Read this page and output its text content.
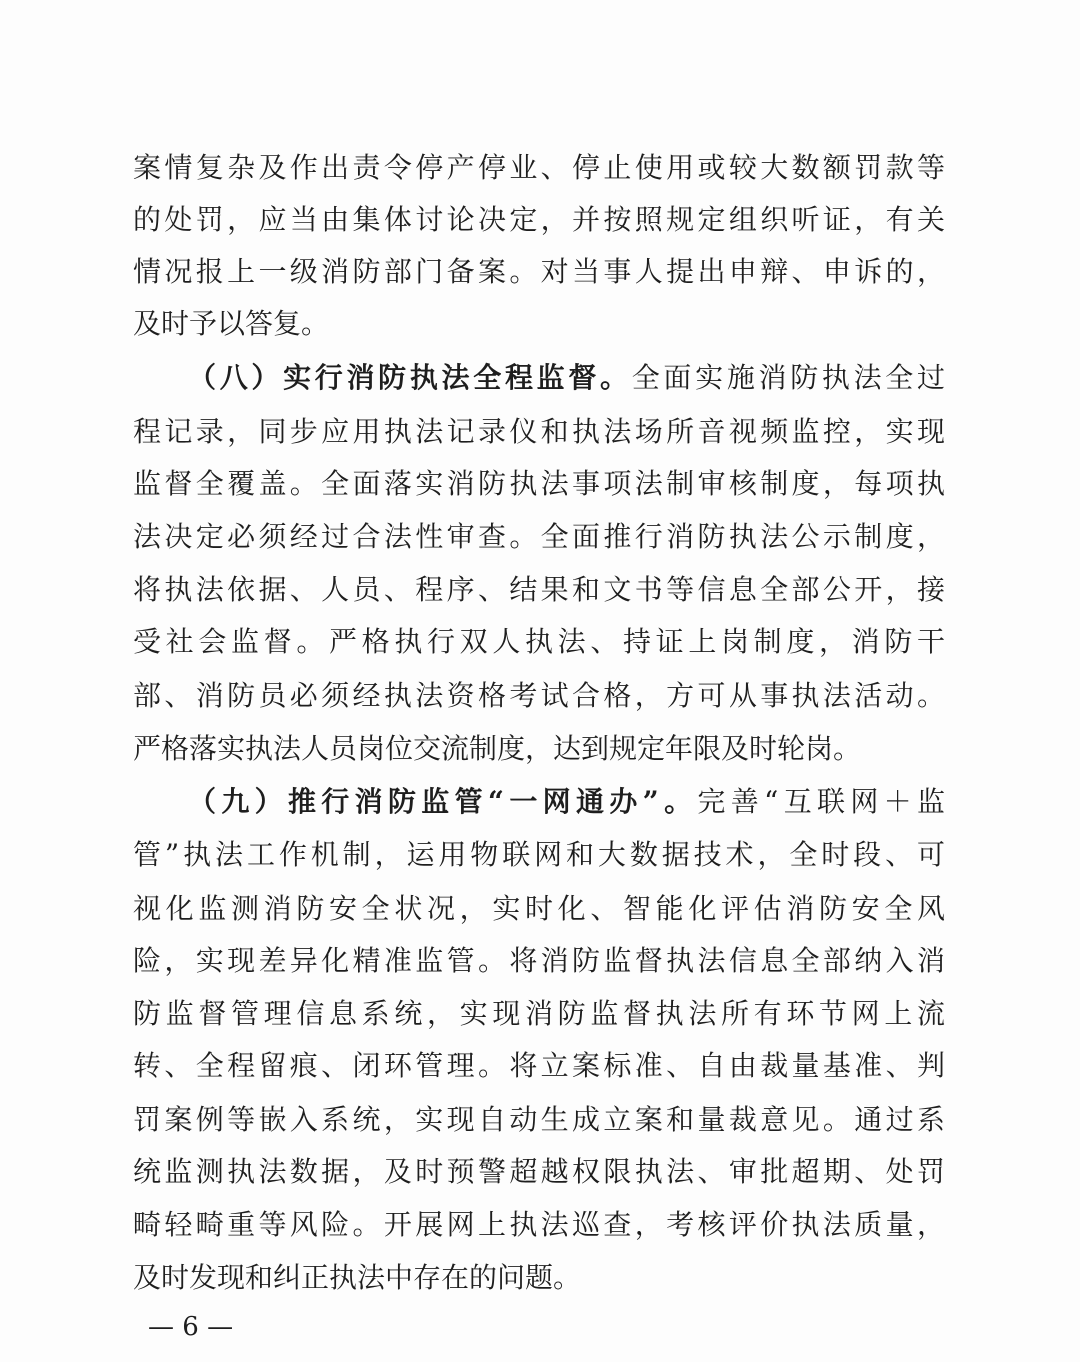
案情复杂及作出责令停产停业、停止使用或较大数额罚款等
的处罚，应当由集体讨论决定，并按照规定组织听证，有关
情况报上一级消防部门备案。对当事人提出申辩、申诉的，
及时予以答复。
（八）实行消防执法全程监督。全面实施消防执法全过
程记录，同步应用执法记录仪和执法场所音视频监控，实现
监督全覆盖。全面落实消防执法事项法制审核制度，每项执
法决定必须经过合法性审查。全面推行消防执法公示制度，
将执法依据、人员、程序、结果和文书等信息全部公开，接
受社会监督。严格执行双人执法、持证上岗制度，消防干
部、消防员必须经执法资格考试合格，方可从事执法活动。
严格落实执法人员岗位交流制度，达到规定年限及时轮岗。
（九）推行消防监管“一网通办”。完善“互联网＋监
管”执法工作机制，运用物联网和大数据技术，全时段、可
视化监测消防安全状况，实时化、智能化评估消防安全风
险，实现差异化精准监管。将消防监督执法信息全部纳入消
防监督管理信息系统，实现消防监督执法所有环节网上流
转、全程留痕、闭环管理。将立案标准、自由裁量基准、判
罚案例等嵌入系统，实现自动生成立案和量裁意见。通过系
统监测执法数据，及时预警超越权限执法、审批超期、处罚
畸轻畸重等风险。开展网上执法巡查，考核评价执法质量，
及时发现和纠正执法中存在的问题。
— 6 —
